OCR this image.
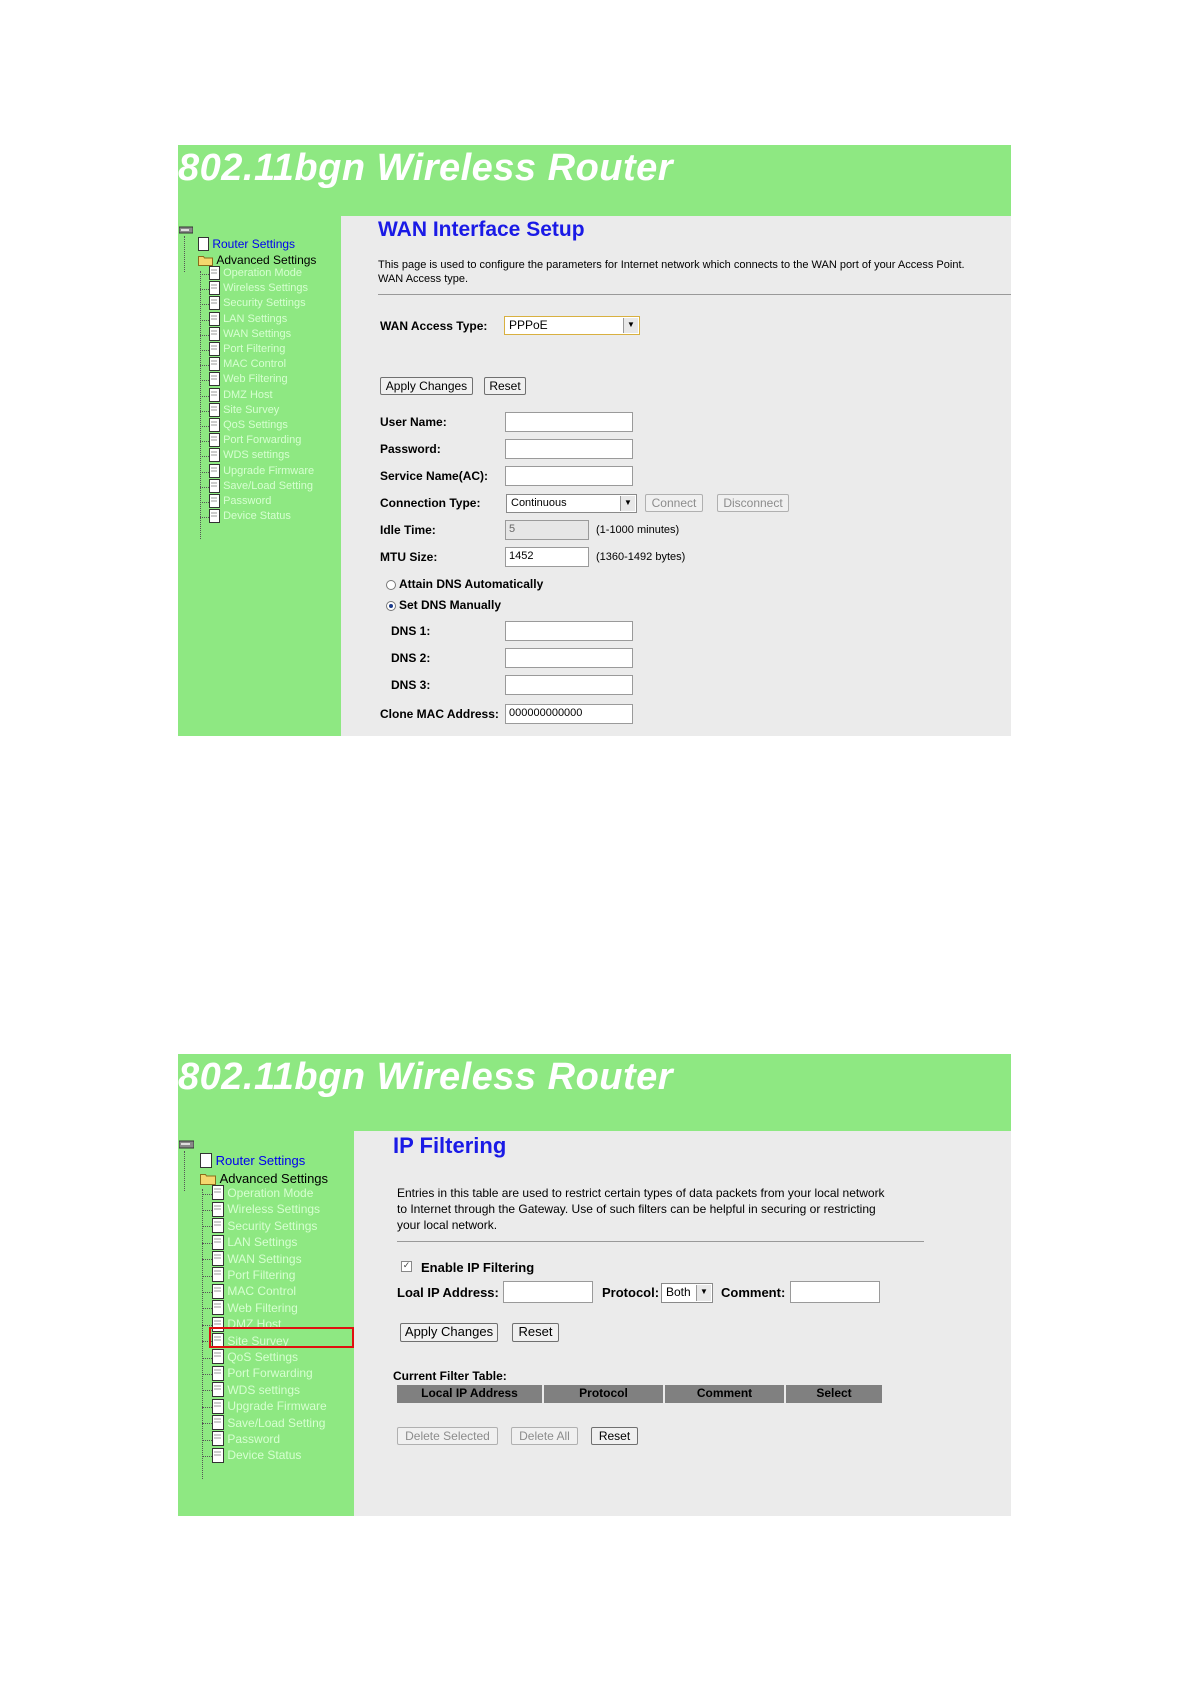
802.11bgn Wireless Router
Router Settings
Advanced Settings
Operation Mode
Wireless Settings
Security Settings
LAN Settings
WAN Settings
Port Filtering
MAC Control
Web Filtering
DMZ Host
Site Survey
QoS Settings
Port Forwarding
WDS settings
Upgrade Firmware
Save/Load Setting
Password
Device Status
WAN Interface Setup
This page is used to configure the parameters for Internet network which connects to the WAN port of your Access Point.
WAN Access type.
WAN Access Type:	PPPoE	▼
Apply Changes	Reset
User Name:
Password:
Service Name(AC):
Connection Type:	Continuous	▼	Connect	Disconnect
Idle Time:	5	(1-1000 minutes)
MTU Size:	1452	(1360-1492 bytes)
Attain DNS Automatically
Set DNS Manually
DNS 1:
DNS 2:
DNS 3:
Clone MAC Address: 000000000000
802.11bgn Wireless Router
Router Settings
Advanced Settings
Operation Mode
Wireless Settings
Security Settings
LAN Settings
WAN Settings
Port Filtering
MAC Control
Web Filtering
DMZ Host
Site Survey
QoS Settings
Port Forwarding
WDS settings
Upgrade Firmware
Save/Load Setting
Password
Device Status
IP Filtering
Entries in this table are used to restrict certain types of data packets from your local network
to Internet through the Gateway. Use of such filters can be helpful in securing or restricting
your local network.
✓ Enable IP Filtering
Loal IP Address:	Protocol: Both	▼ Comment:
Apply Changes	Reset
Current Filter Table:
Local IP Address	Protocol	Comment	Select
Delete Selected	Delete All	Reset
